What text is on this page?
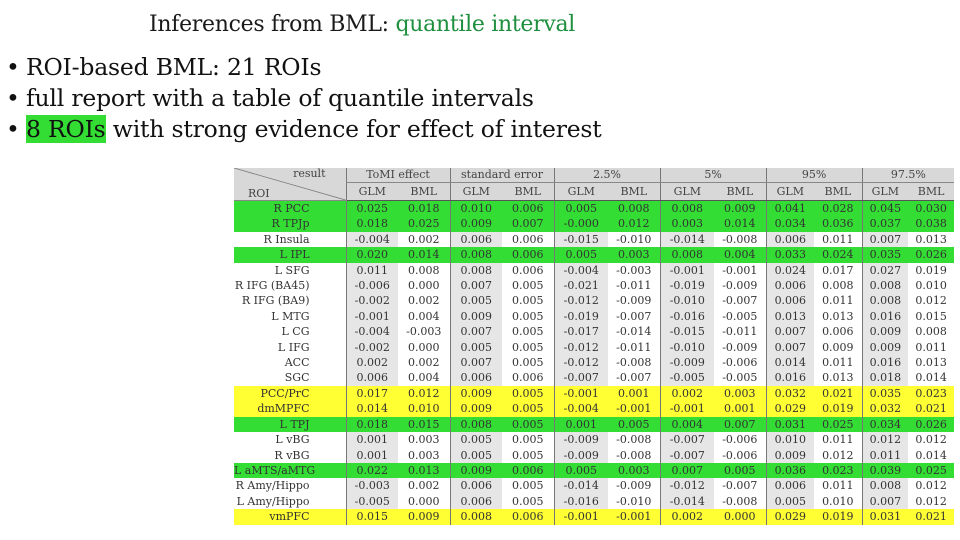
Inferences from BML: quantile interval
• ROI-based BML: 21 ROIs
• full report with a table of quantile intervals
• 8 ROIs with strong evidence for effect of interest
result
ROI	ToMI effect		standard error		2.5%		5%		95%		97.5%	
	GLM	BML	GLM	BML	GLM	BML	GLM	BML	GLM	BML	GLM	BML
R PCC	0.025	0.018	0.010	0.006	0.005	0.008	0.008	0.009	0.041	0.028	0.045	0.030
R TPJp	0.018	0.025	0.009	0.007	-0.000	0.012	0.003	0.014	0.034	0.036	0.037	0.038
R Insula	-0.004	0.002	0.006	0.006	-0.015	-0.010	-0.014	-0.008	0.006	0.011	0.007	0.013
L IPL	0.020	0.014	0.008	0.006	0.005	0.003	0.008	0.004	0.033	0.024	0.035	0.026
L SFG	0.011	0.008	0.008	0.006	-0.004	-0.003	-0.001	-0.001	0.024	0.017	0.027	0.019
R IFG (BA45)	-0.006	0.000	0.007	0.005	-0.021	-0.011	-0.019	-0.009	0.006	0.008	0.008	0.010
R IFG (BA9)	-0.002	0.002	0.005	0.005	-0.012	-0.009	-0.010	-0.007	0.006	0.011	0.008	0.012
L MTG	-0.001	0.004	0.009	0.005	-0.019	-0.007	-0.016	-0.005	0.013	0.013	0.016	0.015
L CG	-0.004	-0.003	0.007	0.005	-0.017	-0.014	-0.015	-0.011	0.007	0.006	0.009	0.008
L IFG	-0.002	0.000	0.005	0.005	-0.012	-0.011	-0.010	-0.009	0.007	0.009	0.009	0.011
ACC	0.002	0.002	0.007	0.005	-0.012	-0.008	-0.009	-0.006	0.014	0.011	0.016	0.013
SGC	0.006	0.004	0.006	0.006	-0.007	-0.007	-0.005	-0.005	0.016	0.013	0.018	0.014
PCC/PrC	0.017	0.012	0.009	0.005	-0.001	0.001	0.002	0.003	0.032	0.021	0.035	0.023
dmMPFC	0.014	0.010	0.009	0.005	-0.004	-0.001	-0.001	0.001	0.029	0.019	0.032	0.021
L TPJ	0.018	0.015	0.008	0.005	0.001	0.005	0.004	0.007	0.031	0.025	0.034	0.026
L vBG	0.001	0.003	0.005	0.005	-0.009	-0.008	-0.007	-0.006	0.010	0.011	0.012	0.012
R vBG	0.001	0.003	0.005	0.005	-0.009	-0.008	-0.007	-0.006	0.009	0.012	0.011	0.014
L aMTS/aMTG	0.022	0.013	0.009	0.006	0.005	0.003	0.007	0.005	0.036	0.023	0.039	0.025
R Amy/Hippo	-0.003	0.002	0.006	0.005	-0.014	-0.009	-0.012	-0.007	0.006	0.011	0.008	0.012
L Amy/Hippo	-0.005	0.000	0.006	0.005	-0.016	-0.010	-0.014	-0.008	0.005	0.010	0.007	0.012
vmPFC	0.015	0.009	0.008	0.006	-0.001	-0.001	0.002	0.000	0.029	0.019	0.031	0.021
